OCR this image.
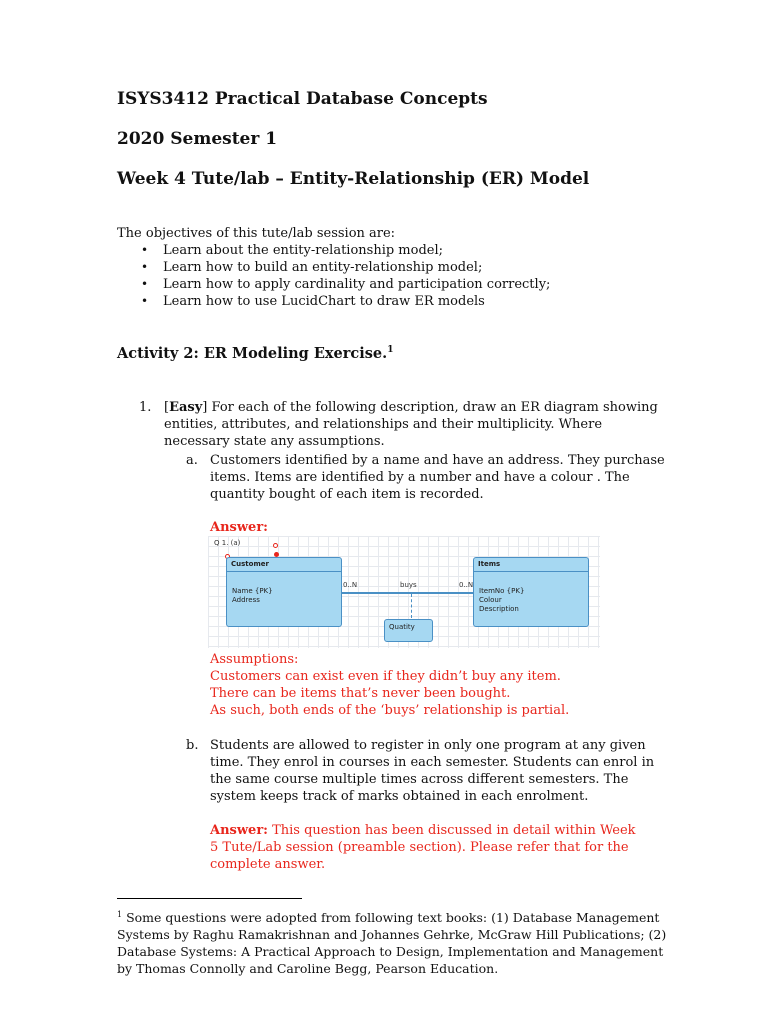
ISYS3412 Practical Database Concepts
2020 Semester 1
Week 4 Tute/lab – Entity-Relationship (ER) Model
The objectives of this tute/lab session are:
• Learn about the entity-relationship model;
• Learn how to build an entity-relationship model;
• Learn how to apply cardinality and participation correctly;
• Learn how to use LucidChart to draw ER models
Activity 2: ER Modeling Exercise.$^1$
1. [Easy] For each of the following description, draw an ER diagram showing entities, attributes, and relationships and their multiplicity. Where necessary state any assumptions.
a. Customers identified by a name and have an address. They purchase items. Items are identified by a number and have a colour . The quantity bought of each item is recorded.
Answer:
Q 1. (a)
Customer
Name {PK}
Address
Items
ItemNo {PK}
Colour
Description
0..N	buys	0..N
Quatity
Assumptions:
Customers can exist even if they didn’t buy any item.
There can be items that’s never been bought.
As such, both ends of the ‘buys’ relationship is partial.
b. Students are allowed to register in only one program at any given time. They enrol in courses in each semester. Students can enrol in the same course multiple times across different semesters. The system keeps track of marks obtained in each enrolment.
Answer: This question has been discussed in detail within Week 5 Tute/Lab session (preamble section). Please refer that for the complete answer.
$^1$ Some questions were adopted from following text books: (1) Database Management Systems by Raghu Ramakrishnan and Johannes Gehrke, McGraw Hill Publications; (2) Database Systems: A Practical Approach to Design, Implementation and Management by Thomas Connolly and Caroline Begg, Pearson Education.
